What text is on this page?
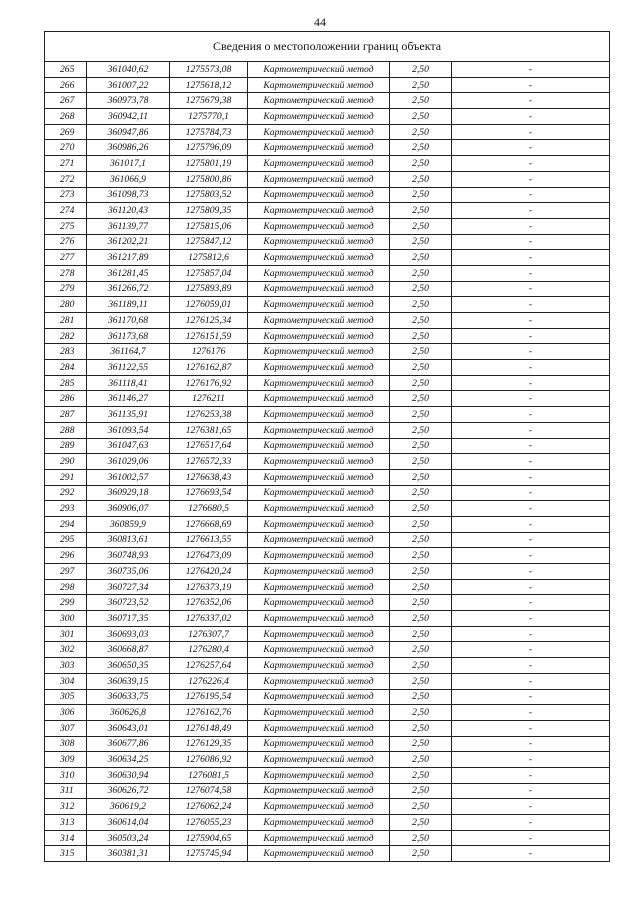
44
Сведения о местоположении границ объекта					
265	361040,62	1275573,08	Картометрический метод	2,50	-
266	361007,22	1275618,12	Картометрический метод	2,50	-
267	360973,78	1275679,38	Картометрический метод	2,50	-
268	360942,11	1275770,1	Картометрический метод	2,50	-
269	360947,86	1275784,73	Картометрический метод	2,50	-
270	360986,26	1275796,09	Картометрический метод	2,50	-
271	361017,1	1275801,19	Картометрический метод	2,50	-
272	361066,9	1275800,86	Картометрический метод	2,50	-
273	361098,73	1275803,52	Картометрический метод	2,50	-
274	361120,43	1275809,35	Картометрический метод	2,50	-
275	361139,77	1275815,06	Картометрический метод	2,50	-
276	361202,21	1275847,12	Картометрический метод	2,50	-
277	361217,89	1275812,6	Картометрический метод	2,50	-
278	361281,45	1275857,04	Картометрический метод	2,50	-
279	361266,72	1275893,89	Картометрический метод	2,50	-
280	361189,11	1276059,01	Картометрический метод	2,50	-
281	361170,68	1276125,34	Картометрический метод	2,50	-
282	361173,68	1276151,59	Картометрический метод	2,50	-
283	361164,7	1276176	Картометрический метод	2,50	-
284	361122,55	1276162,87	Картометрический метод	2,50	-
285	361118,41	1276176,92	Картометрический метод	2,50	-
286	361146,27	1276211	Картометрический метод	2,50	-
287	361135,91	1276253,38	Картометрический метод	2,50	-
288	361093,54	1276381,65	Картометрический метод	2,50	-
289	361047,63	1276517,64	Картометрический метод	2,50	-
290	361029,06	1276572,33	Картометрический метод	2,50	-
291	361002,57	1276638,43	Картометрический метод	2,50	-
292	360929,18	1276693,54	Картометрический метод	2,50	-
293	360906,07	1276680,5	Картометрический метод	2,50	-
294	360859,9	1276668,69	Картометрический метод	2,50	-
295	360813,61	1276613,55	Картометрический метод	2,50	-
296	360748,93	1276473,09	Картометрический метод	2,50	-
297	360735,06	1276420,24	Картометрический метод	2,50	-
298	360727,34	1276373,19	Картометрический метод	2,50	-
299	360723,52	1276352,06	Картометрический метод	2,50	-
300	360717,35	1276337,02	Картометрический метод	2,50	-
301	360693,03	1276307,7	Картометрический метод	2,50	-
302	360668,87	1276280,4	Картометрический метод	2,50	-
303	360650,35	1276257,64	Картометрический метод	2,50	-
304	360639,15	1276226,4	Картометрический метод	2,50	-
305	360633,75	1276195,54	Картометрический метод	2,50	-
306	360626,8	1276162,76	Картометрический метод	2,50	-
307	360643,01	1276148,49	Картометрический метод	2,50	-
308	360677,86	1276129,35	Картометрический метод	2,50	-
309	360634,25	1276086,92	Картометрический метод	2,50	-
310	360630,94	1276081,5	Картометрический метод	2,50	-
311	360626,72	1276074,58	Картометрический метод	2,50	-
312	360619,2	1276062,24	Картометрический метод	2,50	-
313	360614,04	1276055,23	Картометрический метод	2,50	-
314	360503,24	1275904,65	Картометрический метод	2,50	-
315	360381,31	1275745,94	Картометрический метод	2,50	-
